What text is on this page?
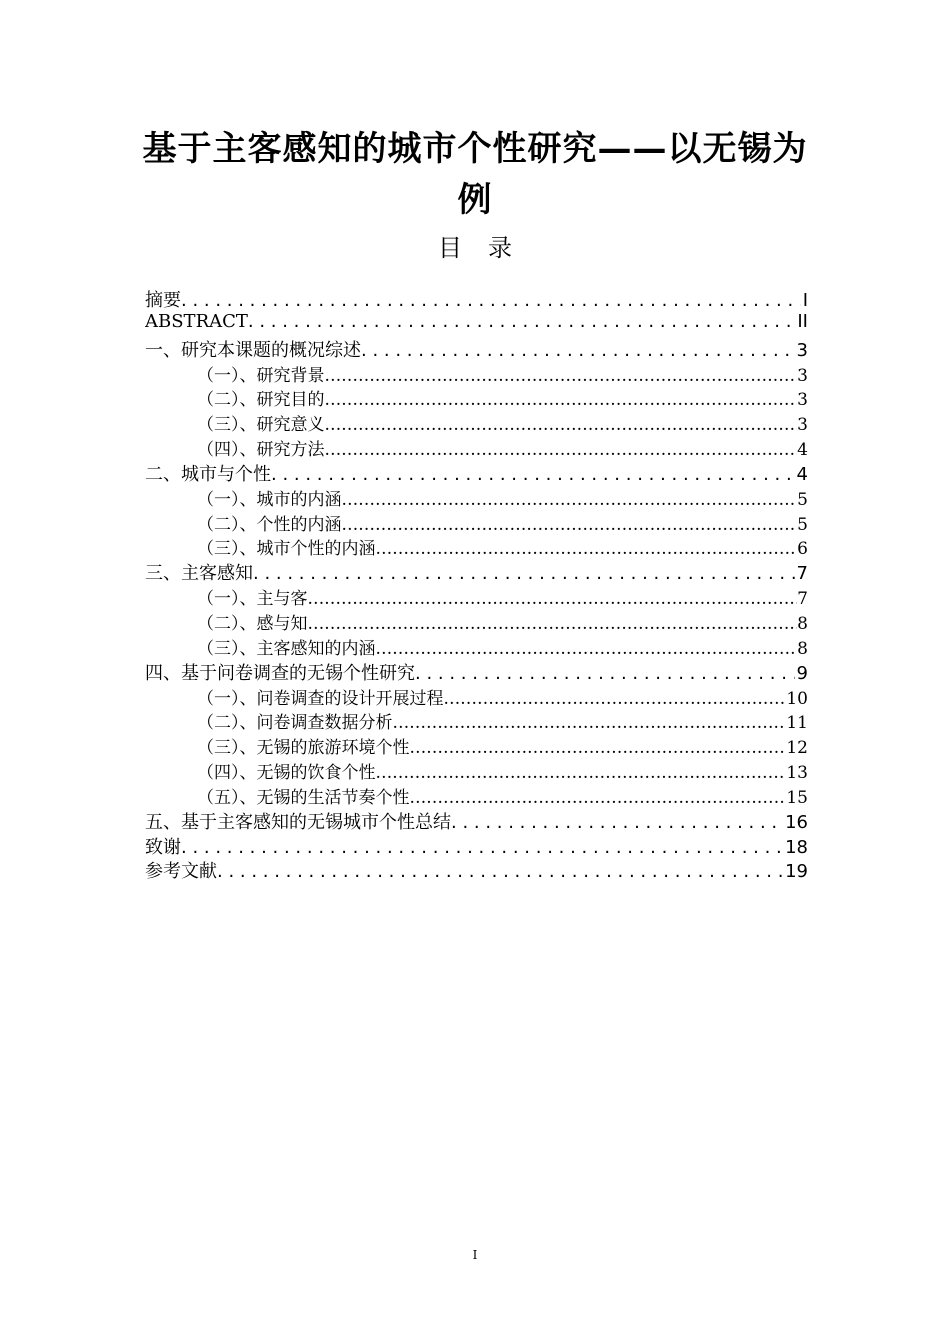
基于主客感知的城市个性研究——以无锡为例
目 录
摘要 . . .	I
ABSTRACT . . .	II
一、研究本课题的概况综述 . . .	3
（一）、研究背景 .....	3
（二）、研究目的 .....	3
（三）、研究意义 .....	3
（四）、研究方法 .....	4
二、城市与个性 . . .	4
（一）、城市的内涵 .....	5
（二）、个性的内涵 .....	5
（三）、城市个性的内涵 .....	6
三、主客感知 . . .	7
（一）、主与客 .....	7
（二）、感与知 .....	8
（三）、主客感知的内涵 .....	8
四、基于问卷调查的无锡个性研究 . . .	9
（一）、问卷调查的设计开展过程 .....	10
（二）、问卷调查数据分析 .....	11
（三）、无锡的旅游环境个性 .....	12
（四）、无锡的饮食个性 .....	13
（五）、无锡的生活节奏个性 .....	15
五、基于主客感知的无锡城市个性总结 . . .	16
致谢 . . .	18
参考文献 . . .	19
I
